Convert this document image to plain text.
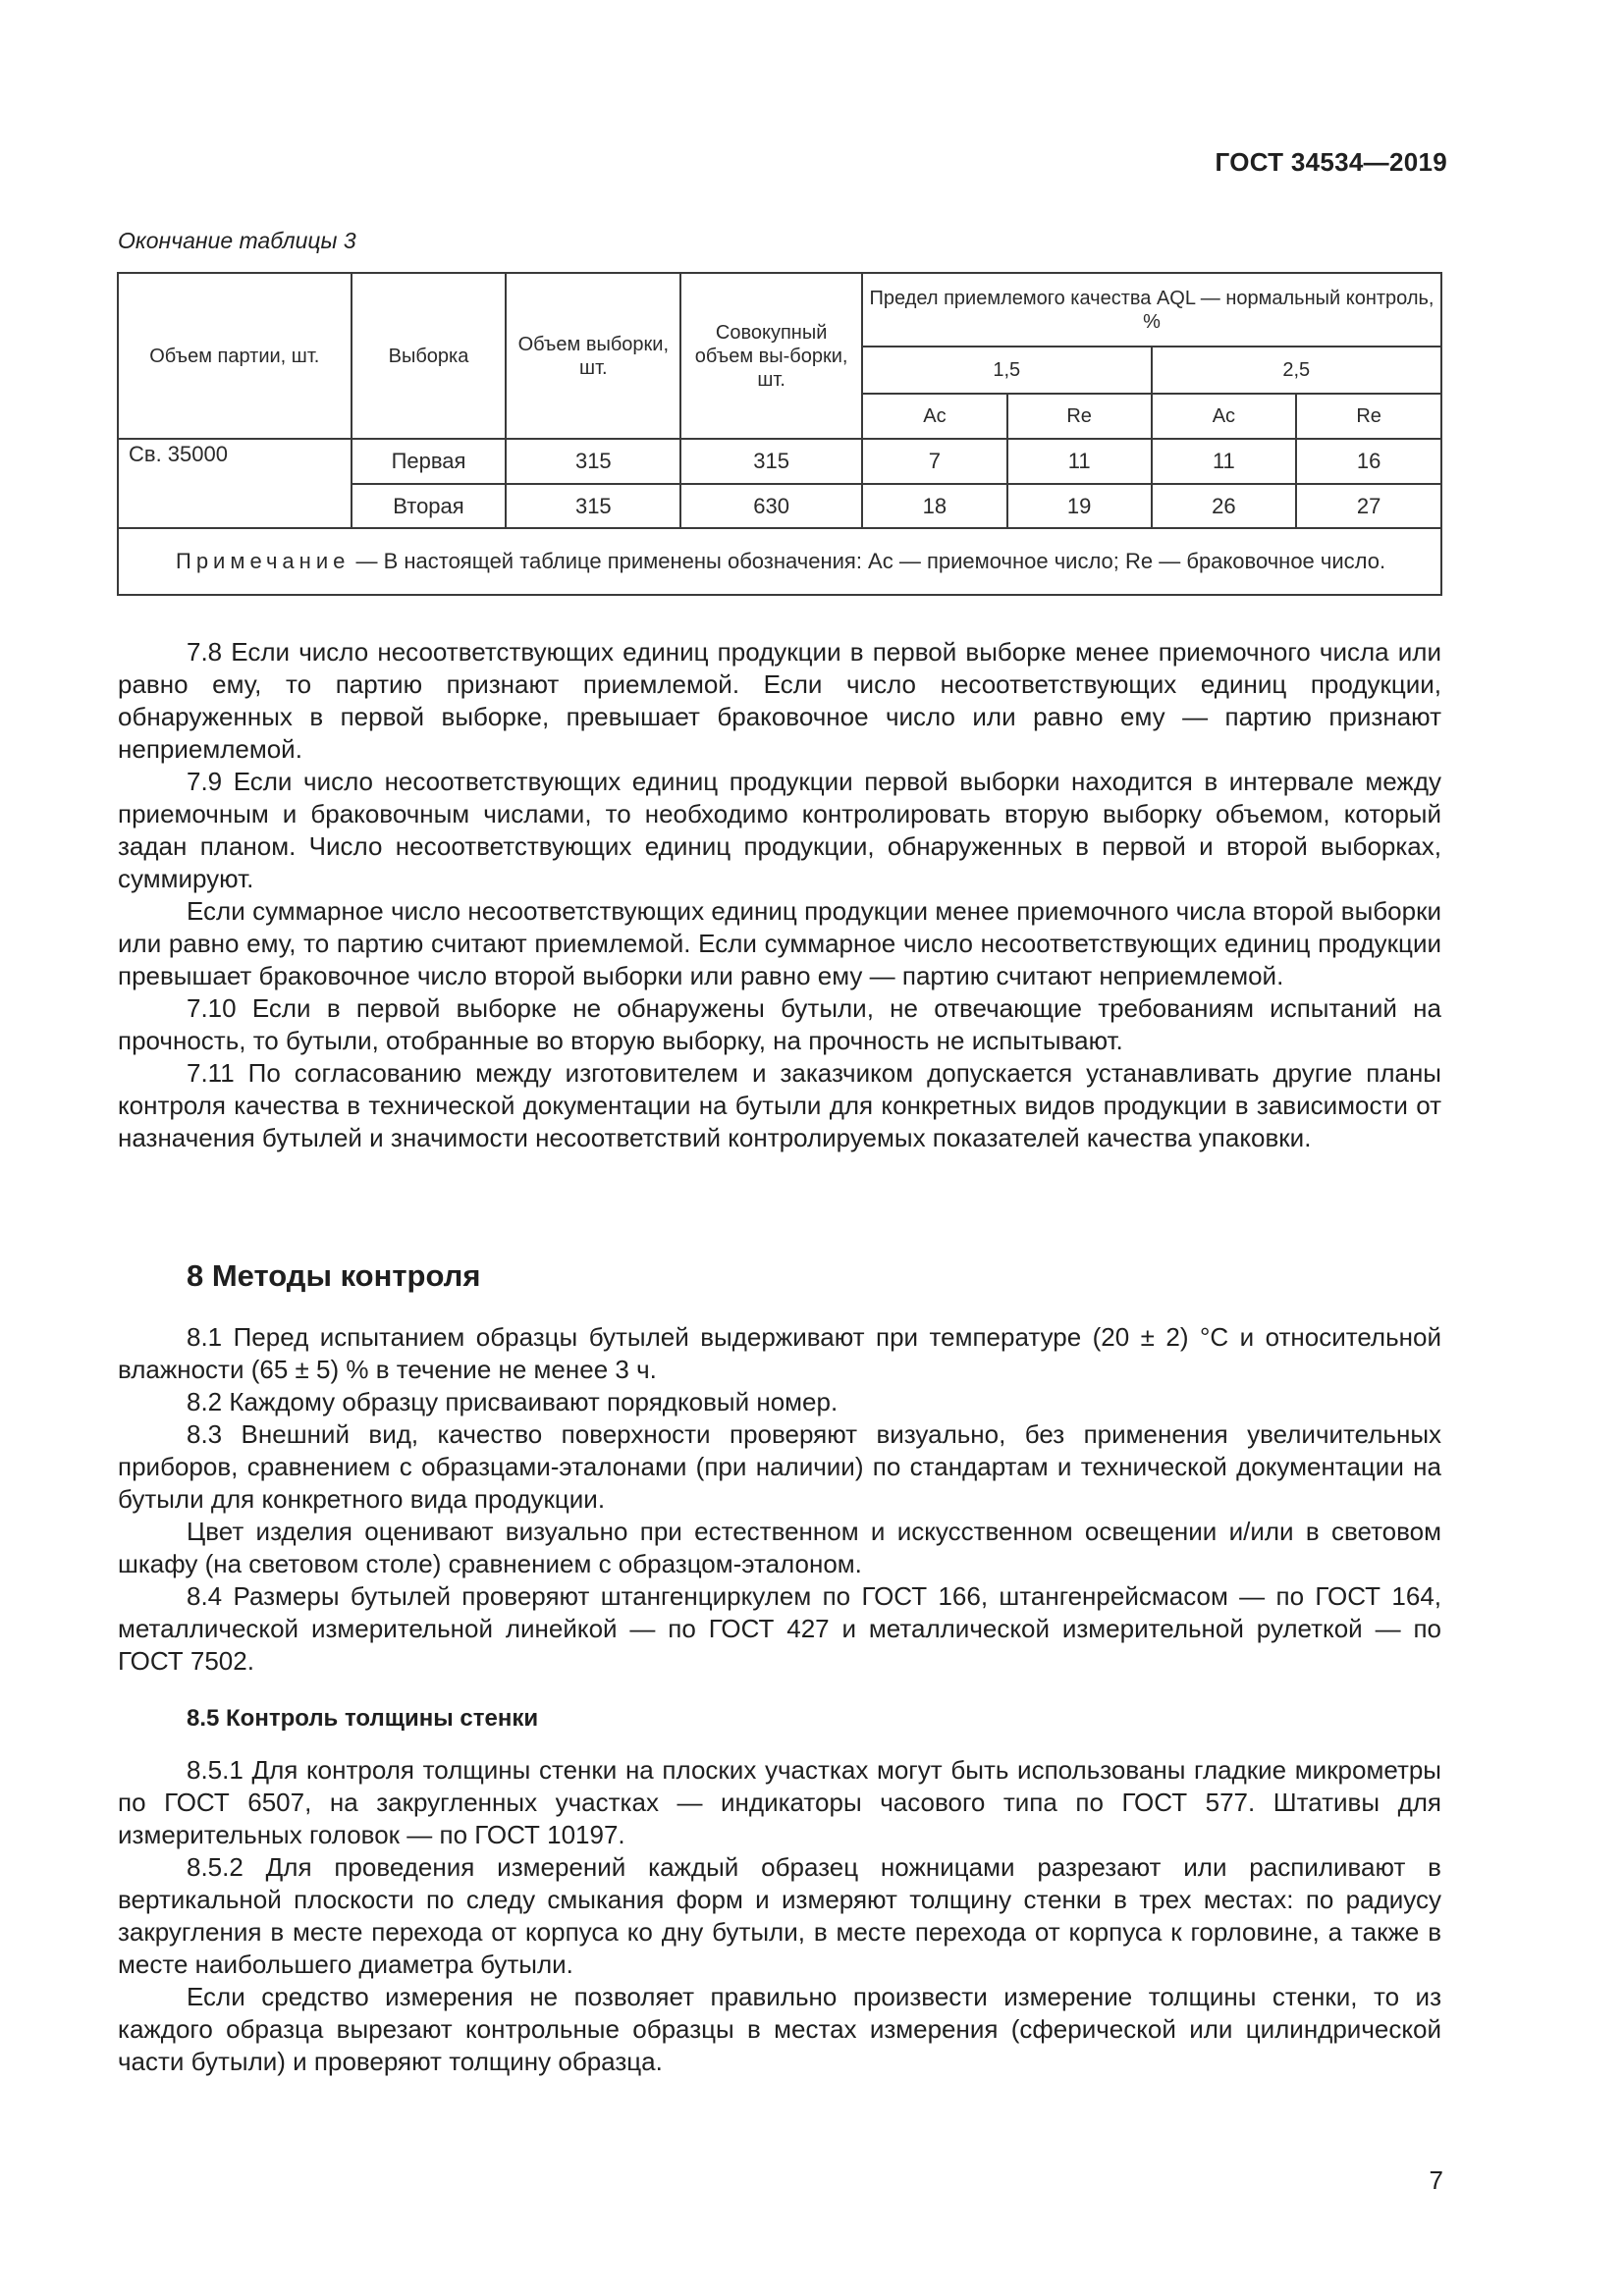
ГОСТ 34534—2019
Окончание таблицы 3
Объем партии, шт.	Выборка	Объем выборки, шт.	Совокупный объем вы-борки, шт.	Предел приемлемого качества AQL — нормальный контроль, %			
				1,5		2,5	
				Ac	Re	Ac	Re
Св. 35000	Первая	315	315	7	11	11	16
	Вторая	315	630	18	19	26	27
Примечание — В настоящей таблице применены обозначения: Ac — приемочное число; Re — браковочное число.							

7.8 Если число несоответствующих единиц продукции в первой выборке менее приемочного числа или равно ему, то партию признают приемлемой. Если число несоответствующих единиц продукции, обнаруженных в первой выборке, превышает браковочное число или равно ему — партию признают неприемлемой.

7.9 Если число несоответствующих единиц продукции первой выборки находится в интервале между приемочным и браковочным числами, то необходимо контролировать вторую выборку объемом, который задан планом. Число несоответствующих единиц продукции, обнаруженных в первой и второй выборках, суммируют.

Если суммарное число несоответствующих единиц продукции менее приемочного числа второй выборки или равно ему, то партию считают приемлемой. Если суммарное число несоответствующих единиц продукции превышает браковочное число второй выборки или равно ему — партию считают неприемлемой.

7.10 Если в первой выборке не обнаружены бутыли, не отвечающие требованиям испытаний на прочность, то бутыли, отобранные во вторую выборку, на прочность не испытывают.

7.11 По согласованию между изготовителем и заказчиком допускается устанавливать другие планы контроля качества в технической документации на бутыли для конкретных видов продукции в зависимости от назначения бутылей и значимости несоответствий контролируемых показателей качества упаковки.

8 Методы контроля

8.1 Перед испытанием образцы бутылей выдерживают при температуре (20 ± 2) °С и относительной влажности (65 ± 5) % в течение не менее 3 ч.

8.2 Каждому образцу присваивают порядковый номер.

8.3 Внешний вид, качество поверхности проверяют визуально, без применения увеличительных приборов, сравнением с образцами-эталонами (при наличии) по стандартам и технической документации на бутыли для конкретного вида продукции.

Цвет изделия оценивают визуально при естественном и искусственном освещении и/или в световом шкафу (на световом столе) сравнением с образцом-эталоном.

8.4 Размеры бутылей проверяют штангенциркулем по ГОСТ 166, штангенрейсмасом — по ГОСТ 164, металлической измерительной линейкой — по ГОСТ 427 и металлической измерительной рулеткой — по ГОСТ 7502.

8.5 Контроль толщины стенки

8.5.1 Для контроля толщины стенки на плоских участках могут быть использованы гладкие микрометры по ГОСТ 6507, на закругленных участках — индикаторы часового типа по ГОСТ 577. Штативы для измерительных головок — по ГОСТ 10197.

8.5.2 Для проведения измерений каждый образец ножницами разрезают или распиливают в вертикальной плоскости по следу смыкания форм и измеряют толщину стенки в трех местах: по радиусу закругления в месте перехода от корпуса ко дну бутыли, в месте перехода от корпуса к горловине, а также в месте наибольшего диаметра бутыли.

Если средство измерения не позволяет правильно произвести измерение толщины стенки, то из каждого образца вырезают контрольные образцы в местах измерения (сферической или цилиндрической части бутыли) и проверяют толщину образца.

7
